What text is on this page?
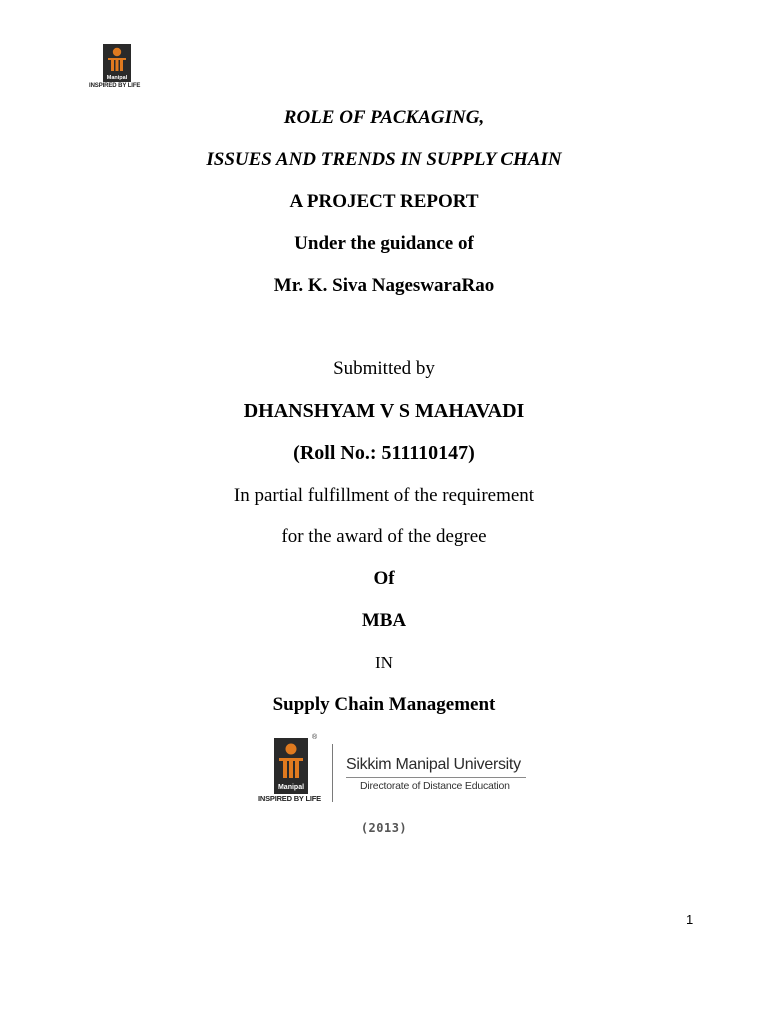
Manipal
INSPIRED BY LIFE
ROLE OF PACKAGING,
ISSUES AND TRENDS IN SUPPLY CHAIN
A PROJECT REPORT
Under the guidance of
Mr. K. Siva NageswaraRao
Submitted by
DHANSHYAM V S MAHAVADI
(Roll No.: 511110147)
In partial fulfillment of the requirement
for the award of the degree
Of
MBA
IN
Supply Chain Management
Manipal
®
INSPIRED BY LIFE
Sikkim Manipal University
Directorate of Distance Education
(2013)
1
